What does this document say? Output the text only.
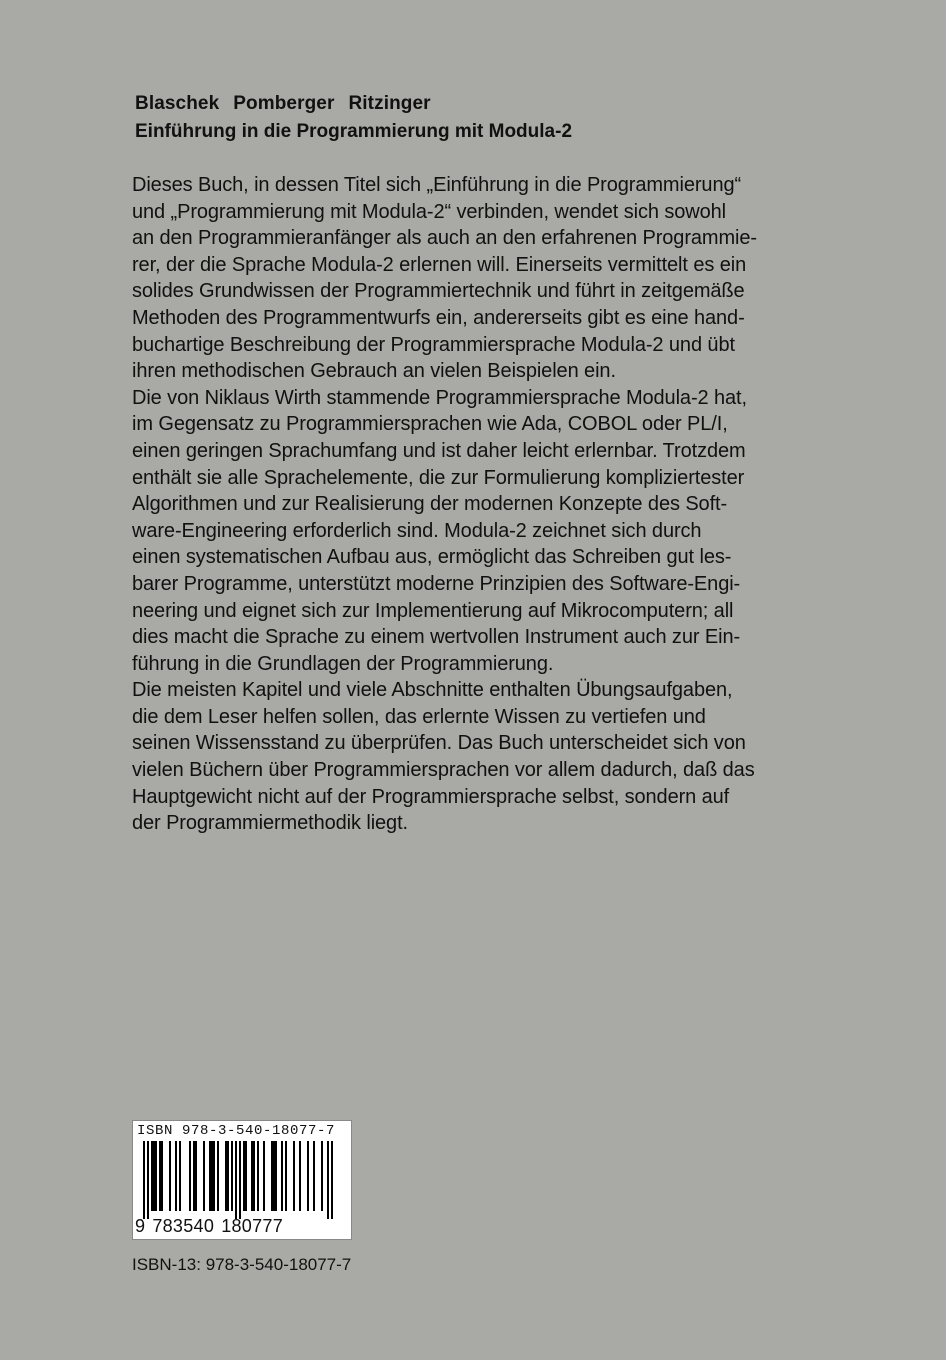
Blaschek Pomberger Ritzinger
Einführung in die Programmierung mit Modula-2
Dieses Buch, in dessen Titel sich „Einführung in die Programmierung“
und „Programmierung mit Modula-2“ verbinden, wendet sich sowohl
an den Programmieranfänger als auch an den erfahrenen Programmie-
rer, der die Sprache Modula-2 erlernen will. Einerseits vermittelt es ein
solides Grundwissen der Programmiertechnik und führt in zeitgemäße
Methoden des Programmentwurfs ein, andererseits gibt es eine hand-
buchartige Beschreibung der Programmiersprache Modula-2 und übt
ihren methodischen Gebrauch an vielen Beispielen ein.
Die von Niklaus Wirth stammende Programmiersprache Modula-2 hat,
im Gegensatz zu Programmiersprachen wie Ada, COBOL oder PL/I,
einen geringen Sprachumfang und ist daher leicht erlernbar. Trotzdem
enthält sie alle Sprachelemente, die zur Formulierung kompliziertester
Algorithmen und zur Realisierung der modernen Konzepte des Soft-
ware-Engineering erforderlich sind. Modula-2 zeichnet sich durch
einen systematischen Aufbau aus, ermöglicht das Schreiben gut les-
barer Programme, unterstützt moderne Prinzipien des Software-Engi-
neering und eignet sich zur Implementierung auf Mikrocomputern; all
dies macht die Sprache zu einem wertvollen Instrument auch zur Ein-
führung in die Grundlagen der Programmierung.
Die meisten Kapitel und viele Abschnitte enthalten Übungsaufgaben,
die dem Leser helfen sollen, das erlernte Wissen zu vertiefen und
seinen Wissensstand zu überprüfen. Das Buch unterscheidet sich von
vielen Büchern über Programmiersprachen vor allem dadurch, daß das
Hauptgewicht nicht auf der Programmiersprache selbst, sondern auf
der Programmiermethodik liegt.
ISBN 978-3-540-18077-7
9 783540 180777
ISBN-13: 978-3-540-18077-7
